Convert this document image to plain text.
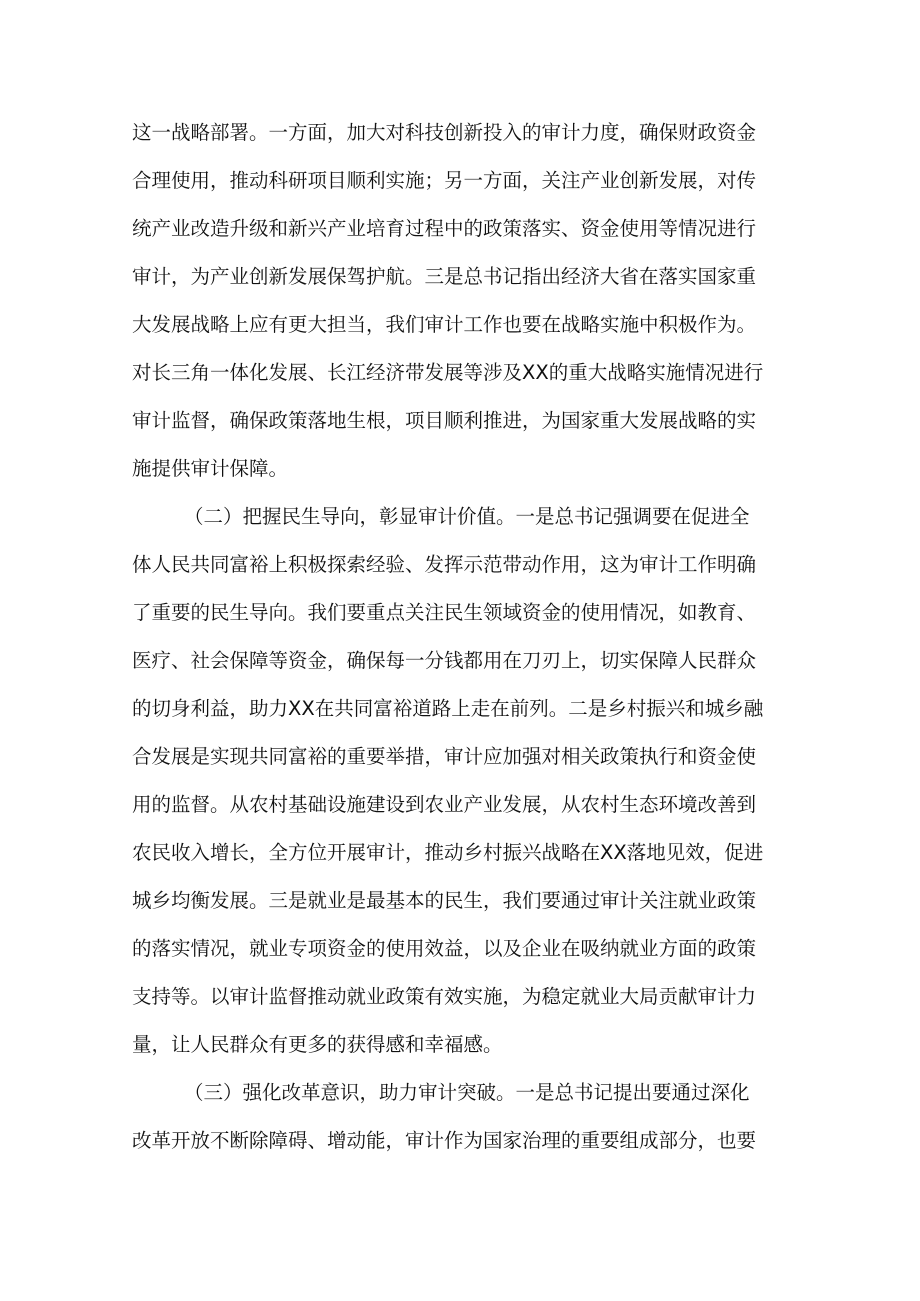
这一战略部署。一方面，加大对科技创新投入的审计力度，确保财政资金
合理使用，推动科研项目顺利实施；另一方面，关注产业创新发展，对传
统产业改造升级和新兴产业培育过程中的政策落实、资金使用等情况进行
审计，为产业创新发展保驾护航。三是总书记指出经济大省在落实国家重
大发展战略上应有更大担当，我们审计工作也要在战略实施中积极作为。
对长三角一体化发展、长江经济带发展等涉及XX的重大战略实施情况进行
审计监督，确保政策落地生根，项目顺利推进，为国家重大发展战略的实
施提供审计保障。
（二）把握民生导向，彰显审计价值。一是总书记强调要在促进全
体人民共同富裕上积极探索经验、发挥示范带动作用，这为审计工作明确
了重要的民生导向。我们要重点关注民生领域资金的使用情况，如教育、
医疗、社会保障等资金，确保每一分钱都用在刀刃上，切实保障人民群众
的切身利益，助力XX在共同富裕道路上走在前列。二是乡村振兴和城乡融
合发展是实现共同富裕的重要举措，审计应加强对相关政策执行和资金使
用的监督。从农村基础设施建设到农业产业发展，从农村生态环境改善到
农民收入增长，全方位开展审计，推动乡村振兴战略在XX落地见效，促进
城乡均衡发展。三是就业是最基本的民生，我们要通过审计关注就业政策
的落实情况，就业专项资金的使用效益，以及企业在吸纳就业方面的政策
支持等。以审计监督推动就业政策有效实施，为稳定就业大局贡献审计力
量，让人民群众有更多的获得感和幸福感。
（三）强化改革意识，助力审计突破。一是总书记提出要通过深化
改革开放不断除障碍、增动能，审计作为国家治理的重要组成部分，也要
